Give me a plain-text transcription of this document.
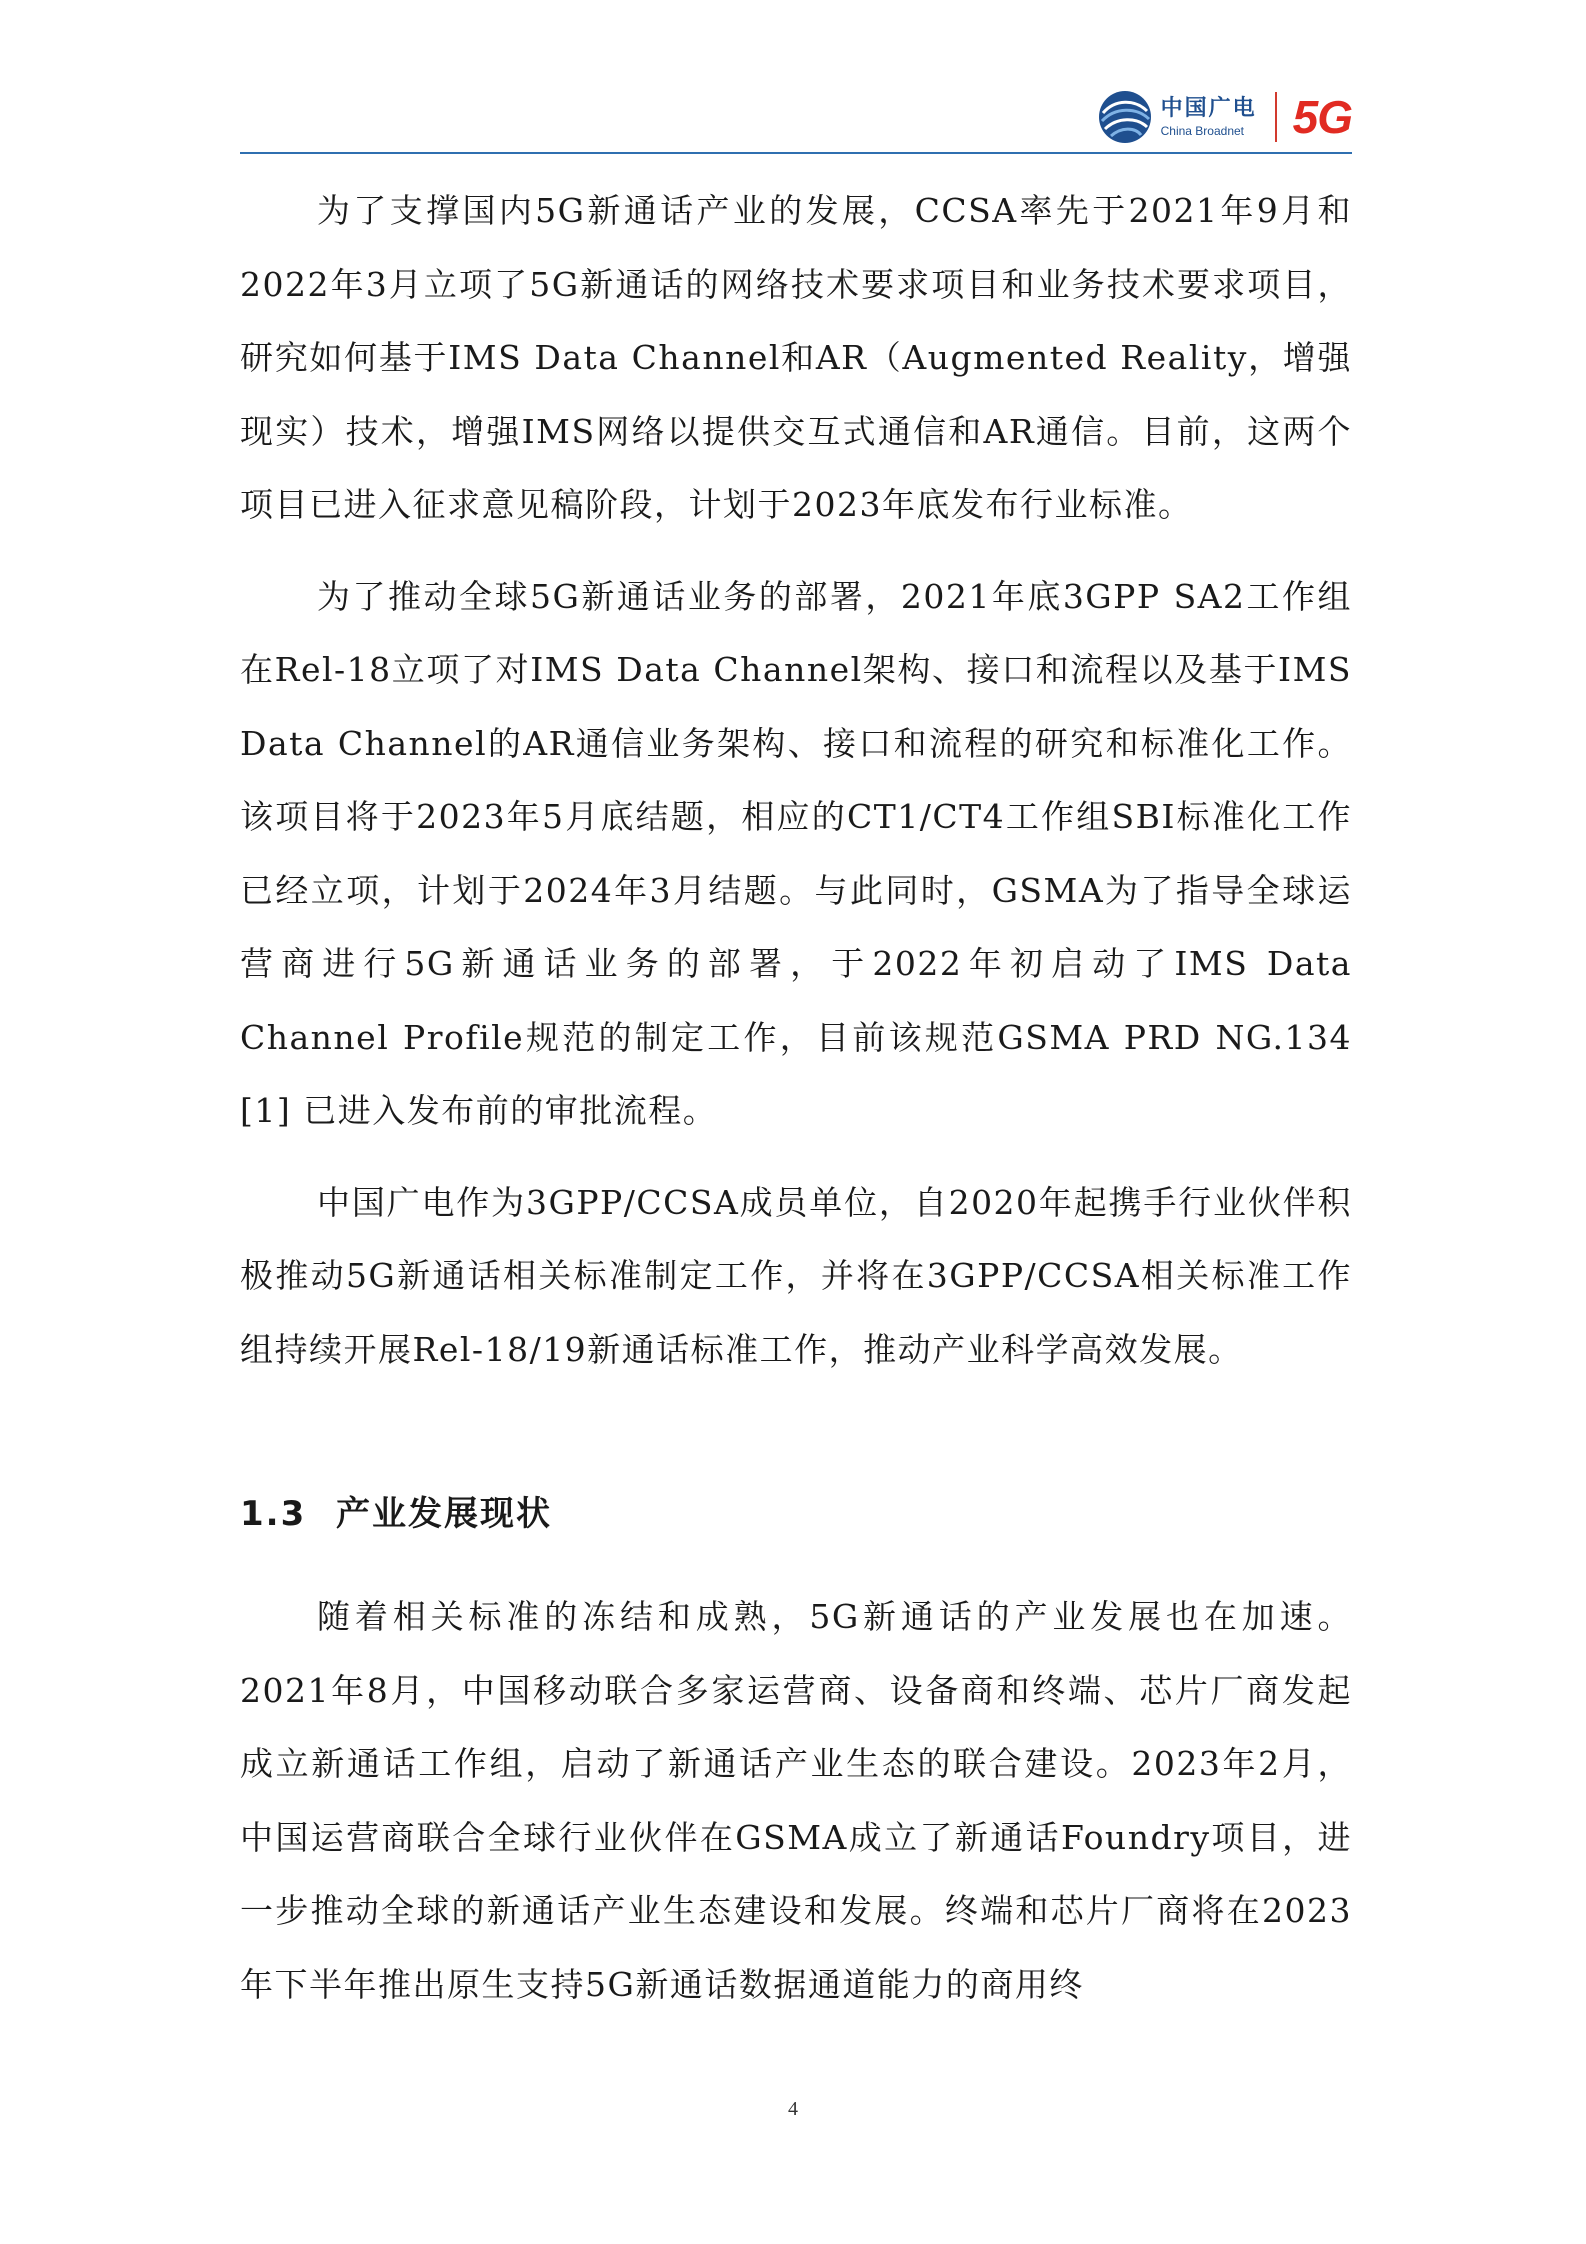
中国广电
China Broadnet 5G

为了支撑国内5G新通话产业的发展，CCSA率先于2021年9月和2022年3月立项了5G新通话的网络技术要求项目和业务技术要求项目，研究如何基于IMS Data Channel和AR（Augmented Reality，增强现实）技术，增强IMS网络以提供交互式通信和AR通信。目前，这两个项目已进入征求意见稿阶段，计划于2023年底发布行业标准。

为了推动全球5G新通话业务的部署，2021年底3GPP SA2工作组在Rel-18立项了对IMS Data Channel架构、接口和流程以及基于IMS Data Channel的AR通信业务架构、接口和流程的研究和标准化工作。该项目将于2023年5月底结题，相应的CT1/CT4工作组SBI标准化工作已经立项，计划于2024年3月结题。与此同时，GSMA为了指导全球运营商进行5G新通话业务的部署，于2022年初启动了IMS Data Channel Profile规范的制定工作，目前该规范GSMA PRD NG.134 [1] 已进入发布前的审批流程。

中国广电作为3GPP/CCSA成员单位，自2020年起携手行业伙伴积极推动5G新通话相关标准制定工作，并将在3GPP/CCSA相关标准工作组持续开展Rel-18/19新通话标准工作，推动产业科学高效发展。

1.3 产业发展现状

随着相关标准的冻结和成熟，5G新通话的产业发展也在加速。2021年8月，中国移动联合多家运营商、设备商和终端、芯片厂商发起成立新通话工作组，启动了新通话产业生态的联合建设。2023年2月，中国运营商联合全球行业伙伴在GSMA成立了新通话Foundry项目，进一步推动全球的新通话产业生态建设和发展。终端和芯片厂商将在2023年下半年推出原生支持5G新通话数据通道能力的商用终

4
